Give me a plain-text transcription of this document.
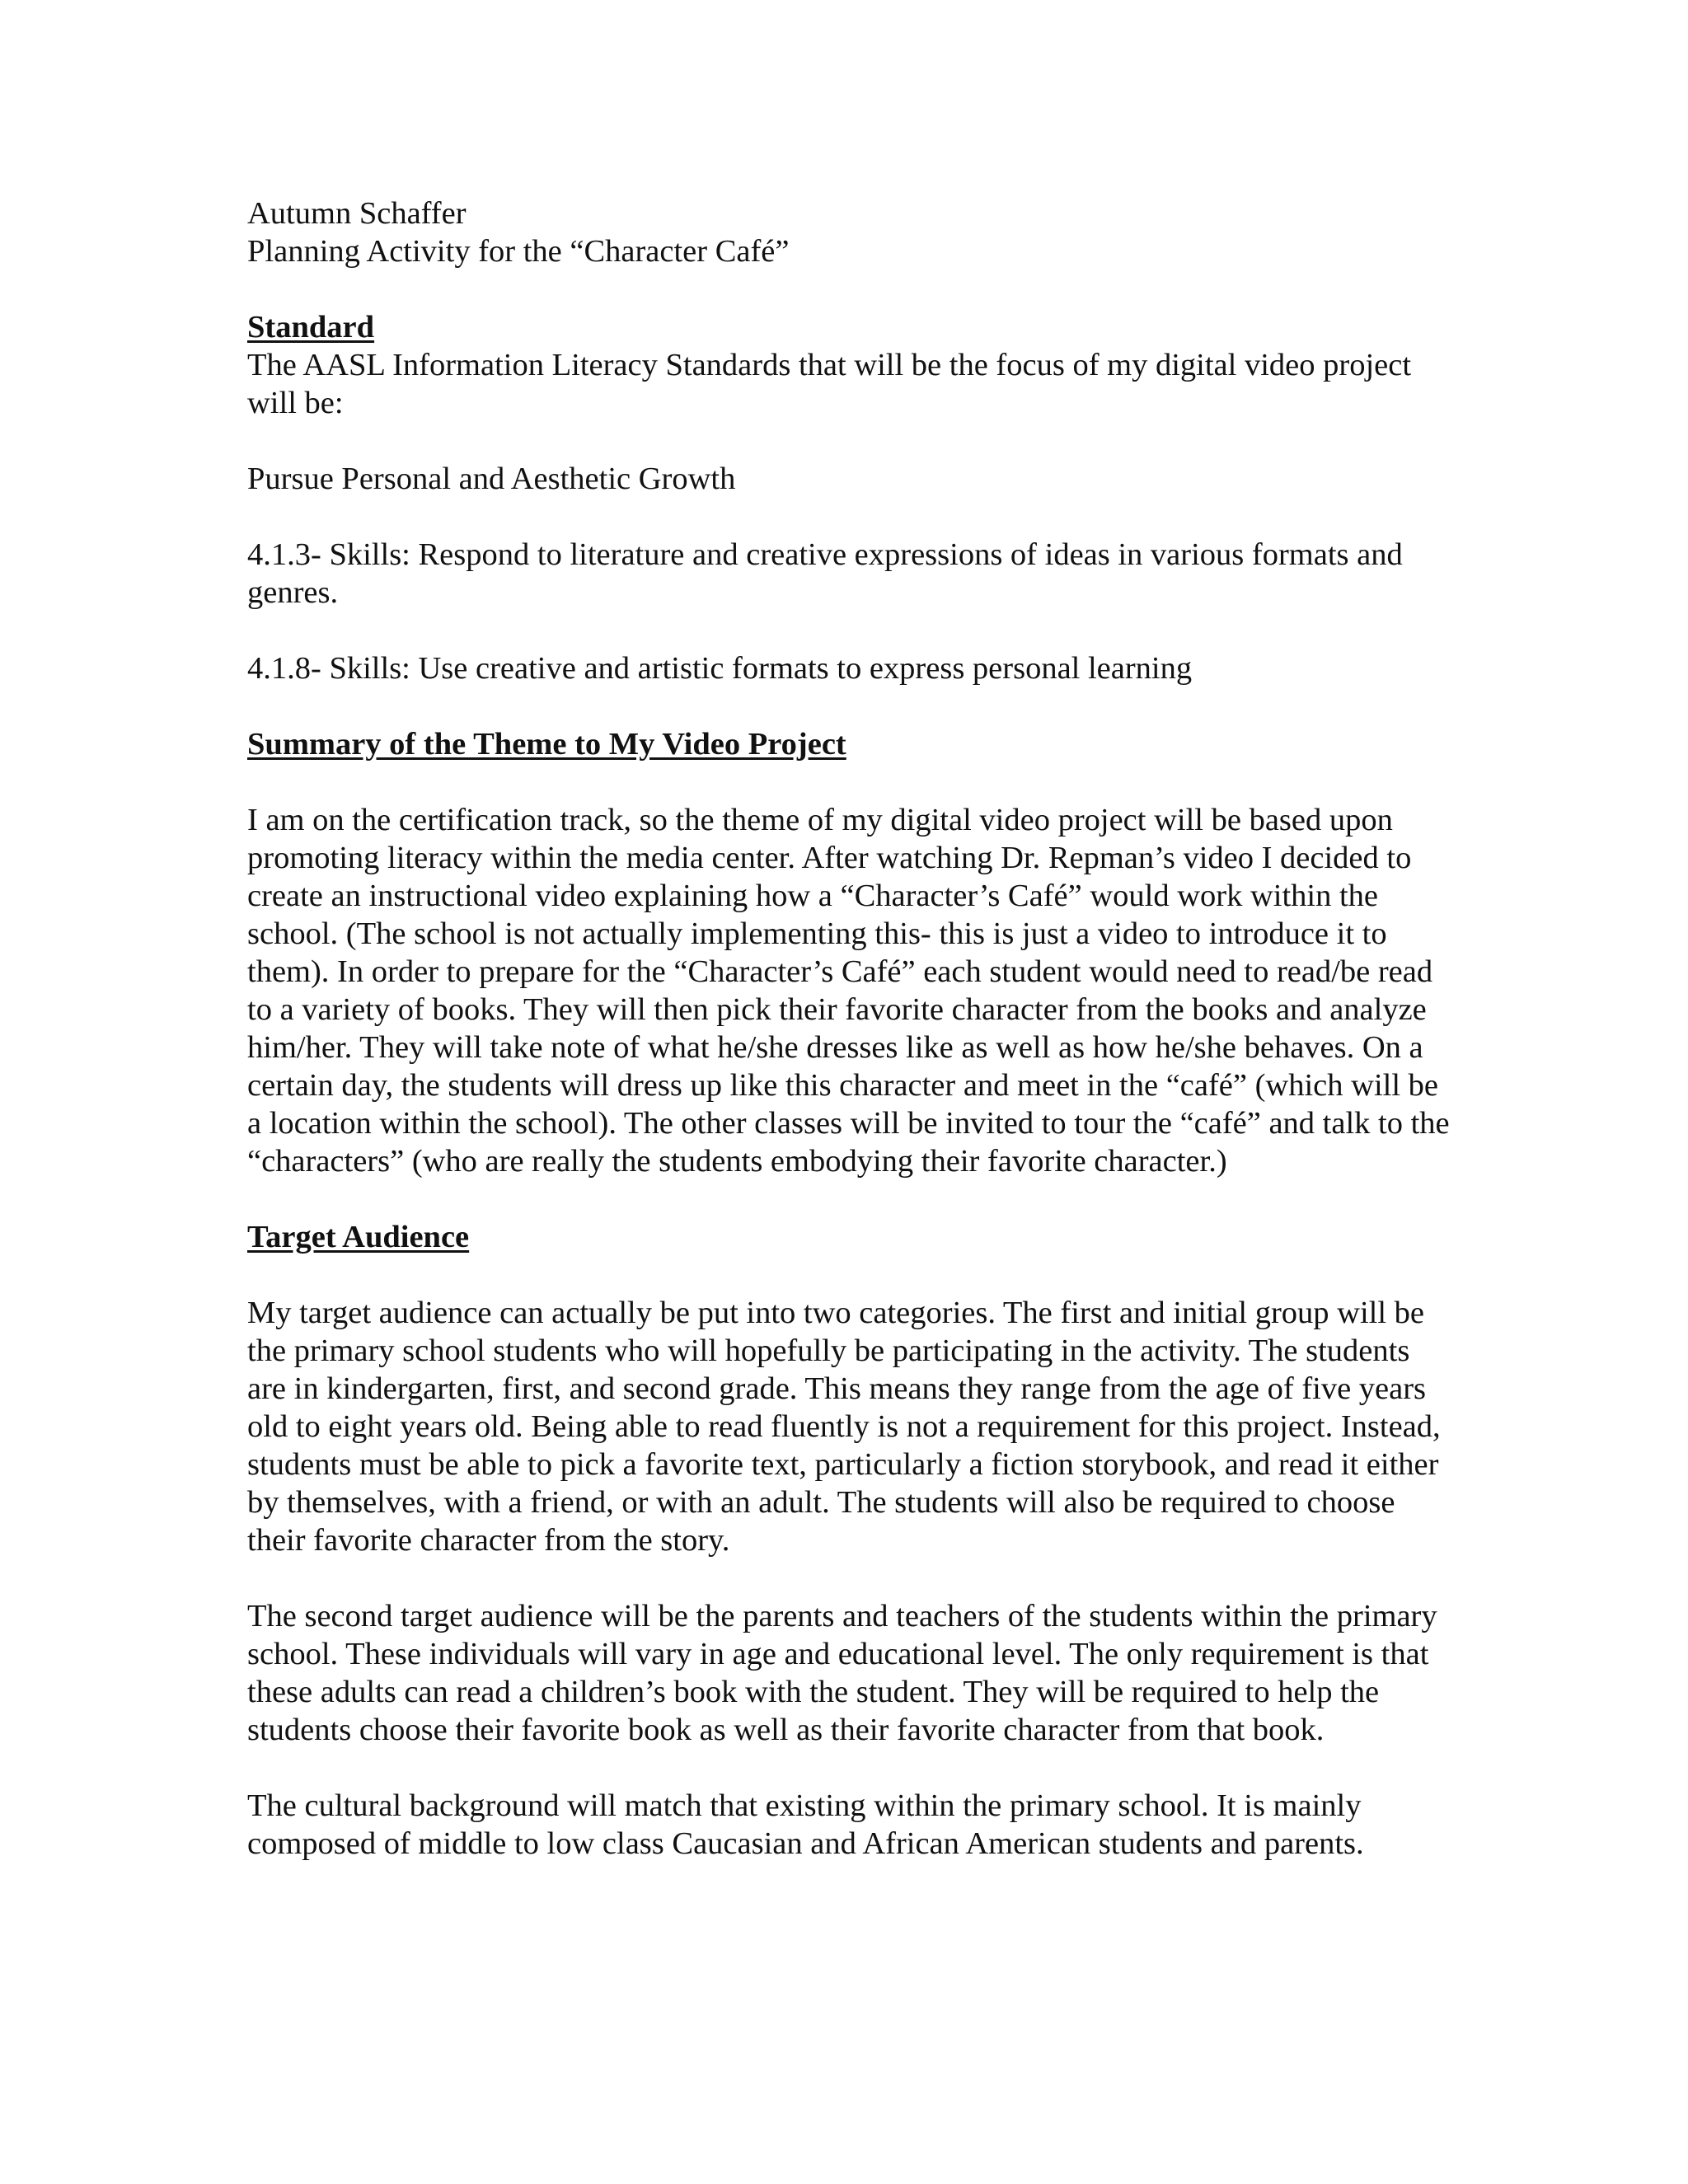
Autumn Schaffer

Planning Activity for the “Character Café”

Standard

The AASL Information Literacy Standards that will be the focus of my digital video project will be:

Pursue Personal and Aesthetic Growth

4.1.3- Skills: Respond to literature and creative expressions of ideas in various formats and genres.

4.1.8- Skills: Use creative and artistic formats to express personal learning

Summary of the Theme to My Video Project

I am on the certification track, so the theme of my digital video project will be based upon promoting literacy within the media center. After watching Dr. Repman’s video I decided to create an instructional video explaining how a “Character’s Café” would work within the school. (The school is not actually implementing this- this is just a video to introduce it to them). In order to prepare for the “Character’s Café” each student would need to read/be read to a variety of books. They will then pick their favorite character from the books and analyze him/her. They will take note of what he/she dresses like as well as how he/she behaves. On a certain day, the students will dress up like this character and meet in the “café” (which will be a location within the school). The other classes will be invited to tour the “café” and talk to the “characters” (who are really the students embodying their favorite character.)

Target Audience

My target audience can actually be put into two categories. The first and initial group will be the primary school students who will hopefully be participating in the activity. The students are in kindergarten, first, and second grade. This means they range from the age of five years old to eight years old. Being able to read fluently is not a requirement for this project. Instead, students must be able to pick a favorite text, particularly a fiction storybook, and read it either by themselves, with a friend, or with an adult. The students will also be required to choose their favorite character from the story.

The second target audience will be the parents and teachers of the students within the primary school. These individuals will vary in age and educational level. The only requirement is that these adults can read a children’s book with the student. They will be required to help the students choose their favorite book as well as their favorite character from that book.

The cultural background will match that existing within the primary school. It is mainly composed of middle to low class Caucasian and African American students and parents.
